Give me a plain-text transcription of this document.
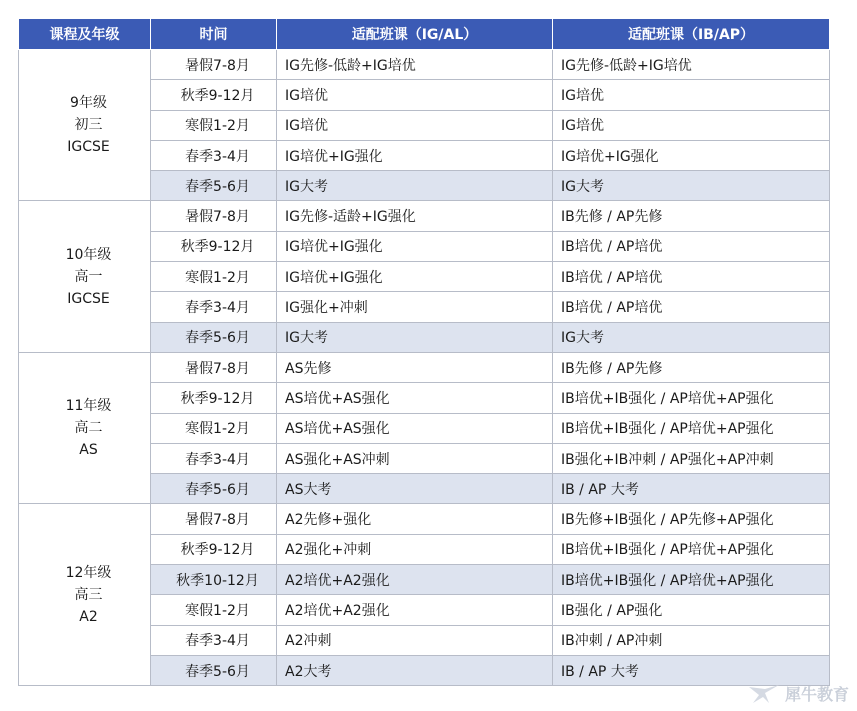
课程及年级	时间	适配班课（IG/AL）	适配班课（IB/AP）

9年级
初三
IGCSE	暑假7-8月	IG先修-低龄+IG培优	IG先修-低龄+IG培优
	秋季9-12月	IG培优	IG培优
	寒假1-2月	IG培优	IG培优
	春季3-4月	IG培优+IG强化	IG培优+IG强化
	春季5-6月	IG大考	IG大考

10年级
高一
IGCSE	暑假7-8月	IG先修-适龄+IG强化	IB先修 / AP先修
	秋季9-12月	IG培优+IG强化	IB培优 / AP培优
	寒假1-2月	IG培优+IG强化	IB培优 / AP培优
	春季3-4月	IG强化+冲刺	IB培优 / AP培优
	春季5-6月	IG大考	IG大考

11年级
高二
AS	暑假7-8月	AS先修	IB先修 / AP先修
	秋季9-12月	AS培优+AS强化	IB培优+IB强化 / AP培优+AP强化
	寒假1-2月	AS培优+AS强化	IB培优+IB强化 / AP培优+AP强化
	春季3-4月	AS强化+AS冲刺	IB强化+IB冲刺 / AP强化+AP冲刺
	春季5-6月	AS大考	IB / AP 大考

12年级
高三
A2	暑假7-8月	A2先修+强化	IB先修+IB强化 / AP先修+AP强化
	秋季9-12月	A2强化+冲刺	IB培优+IB强化 / AP培优+AP强化
	秋季10-12月	A2培优+A2强化	IB培优+IB强化 / AP培优+AP强化
	寒假1-2月	A2培优+A2强化	IB强化 / AP强化
	春季3-4月	A2冲刺	IB冲刺 / AP冲刺
	春季5-6月	A2大考	IB / AP 大考
犀牛教育
